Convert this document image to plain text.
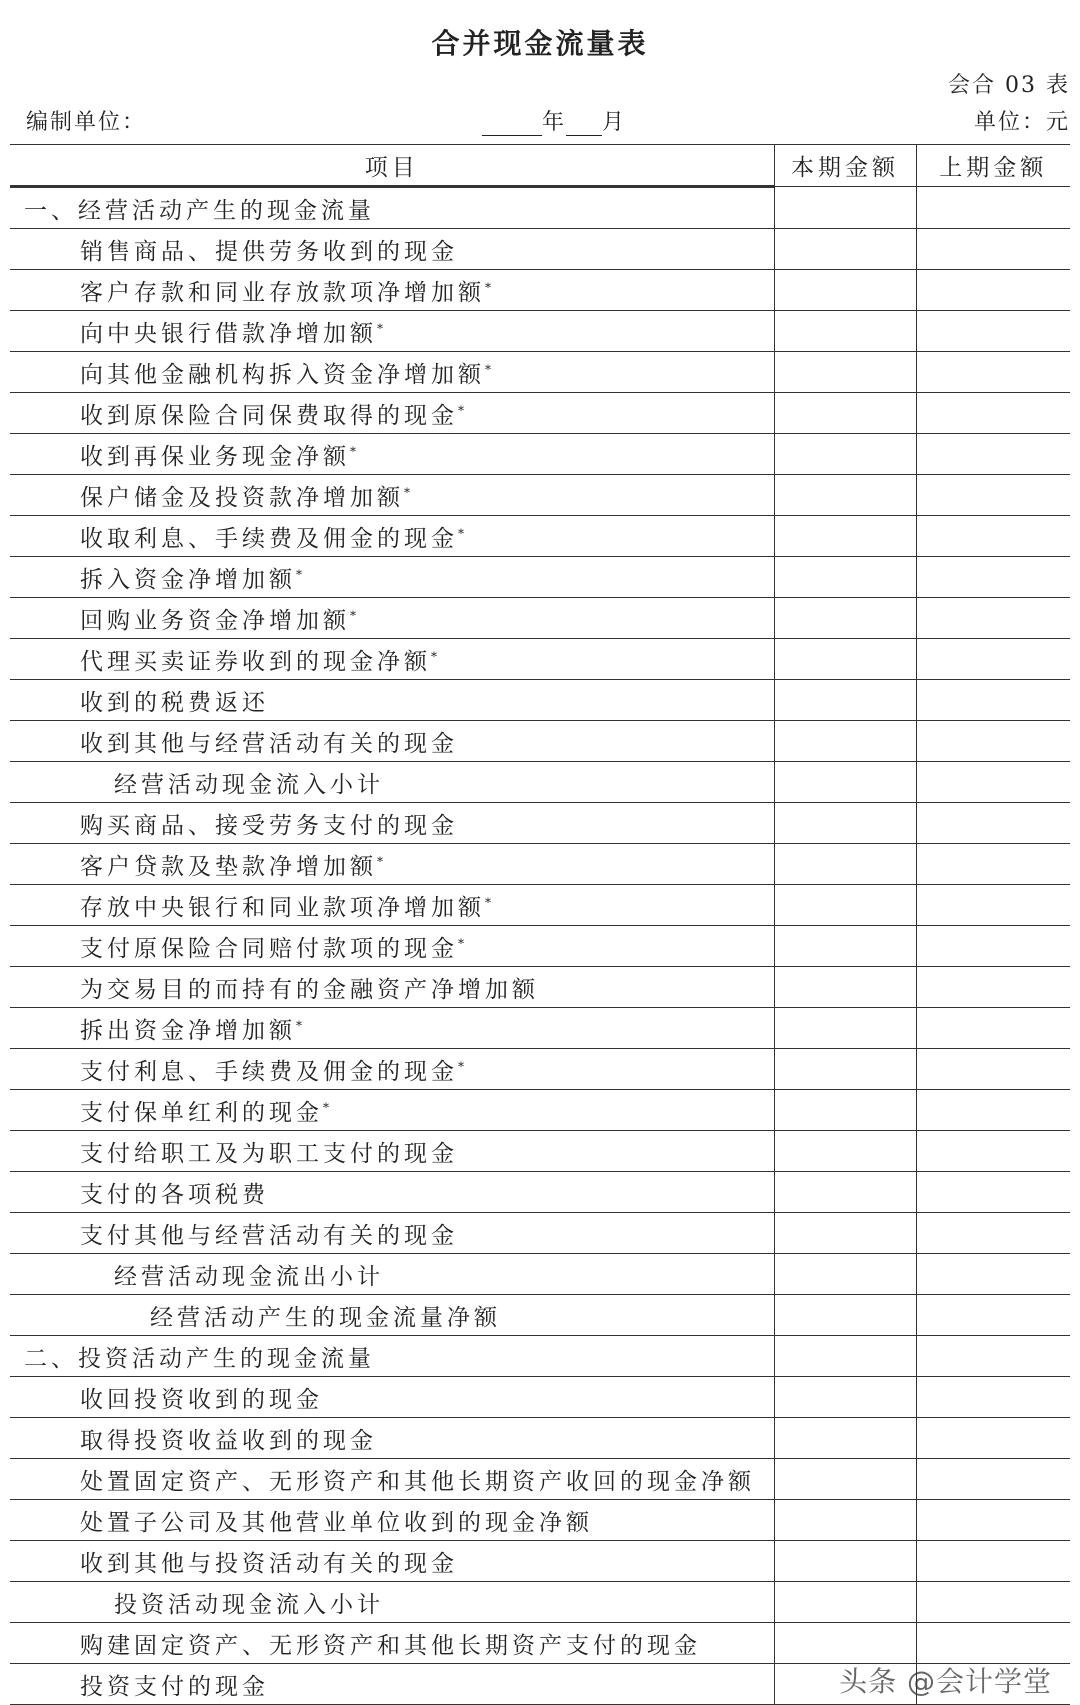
合并现金流量表
会合 03 表
编制单位：	年 月	单位：元
项目	本期金额	上期金额
一、经营活动产生的现金流量		
销售商品、提供劳务收到的现金		
客户存款和同业存放款项净增加额*		
向中央银行借款净增加额*		
向其他金融机构拆入资金净增加额*		
收到原保险合同保费取得的现金*		
收到再保业务现金净额*		
保户储金及投资款净增加额*		
收取利息、手续费及佣金的现金*		
拆入资金净增加额*		
回购业务资金净增加额*		
代理买卖证券收到的现金净额*		
收到的税费返还		
收到其他与经营活动有关的现金		
经营活动现金流入小计		
购买商品、接受劳务支付的现金		
客户贷款及垫款净增加额*		
存放中央银行和同业款项净增加额*		
支付原保险合同赔付款项的现金*		
为交易目的而持有的金融资产净增加额		
拆出资金净增加额*		
支付利息、手续费及佣金的现金*		
支付保单红利的现金*		
支付给职工及为职工支付的现金		
支付的各项税费		
支付其他与经营活动有关的现金		
经营活动现金流出小计		
经营活动产生的现金流量净额		
二、投资活动产生的现金流量		
收回投资收到的现金		
取得投资收益收到的现金		
处置固定资产、无形资产和其他长期资产收回的现金净额		
处置子公司及其他营业单位收到的现金净额		
收到其他与投资活动有关的现金		
投资活动现金流入小计		
购建固定资产、无形资产和其他长期资产支付的现金		
投资支付的现金			头条 @会计学堂
